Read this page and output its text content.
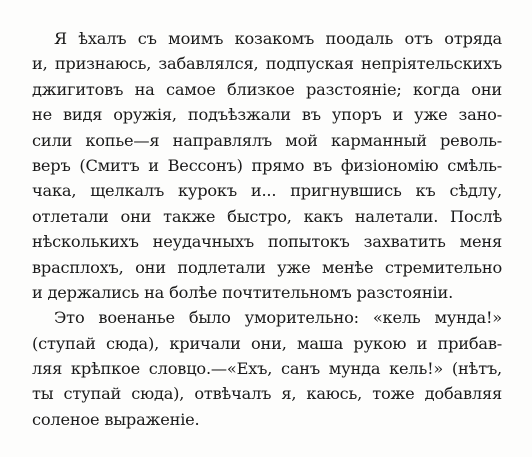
Я ѣхалъ съ моимъ козакомъ поодаль отъ отряда
и, признаюсь, забавлялся, подпуская непріятельскихъ
джигитовъ на самое близкое разстояніе; когда они
не видя оружія, подъѣзжали въ упоръ и уже зано-
сили копье—я направлялъ мой карманный револь-
веръ (Смитъ и Вессонъ) прямо въ физіономію смѣль-
чака, щелкалъ курокъ и... пригнувшись къ сѣдлу,
отлетали они также быстро, какъ налетали. Послѣ
нѣсколькихъ неудачныхъ попытокъ захватить меня
врасплохъ, они подлетали уже менѣе стремительно
и держались на болѣе почтительномъ разстояніи.
Это военанье было уморительно: «кель мунда!»
(ступай сюда), кричали они, маша рукою и прибав-
ляя крѣпкое словцо.—«Ехъ, санъ мунда кель!» (нѣтъ,
ты ступай сюда), отвѣчалъ я, каюсь, тоже добавляя
соленое выраженіе.
